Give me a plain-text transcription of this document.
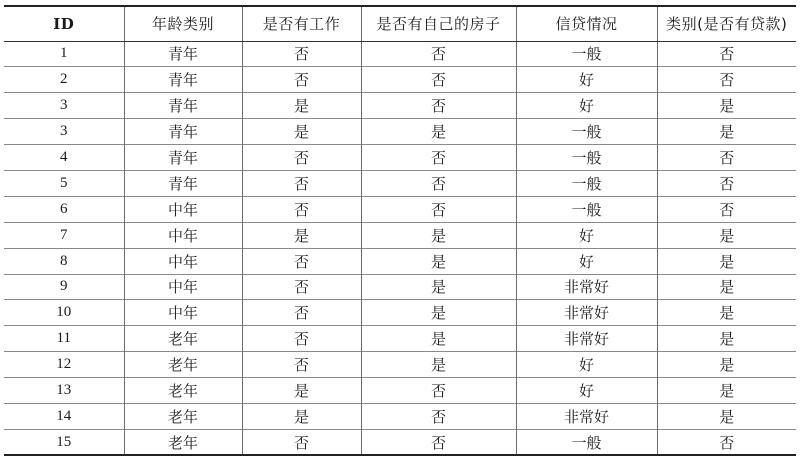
ID	年龄类别	是否有工作	是否有自己的房子	信贷情况	类别(是否有贷款)
1	青年	否	否	一般	否
2	青年	否	否	好	否
3	青年	是	否	好	是
3	青年	是	是	一般	是
4	青年	否	否	一般	否
5	青年	否	否	一般	否
6	中年	否	否	一般	否
7	中年	是	是	好	是
8	中年	否	是	好	是
9	中年	否	是	非常好	是
10	中年	否	是	非常好	是
11	老年	否	是	非常好	是
12	老年	否	是	好	是
13	老年	是	否	好	是
14	老年	是	否	非常好	是
15	老年	否	否	一般	否
